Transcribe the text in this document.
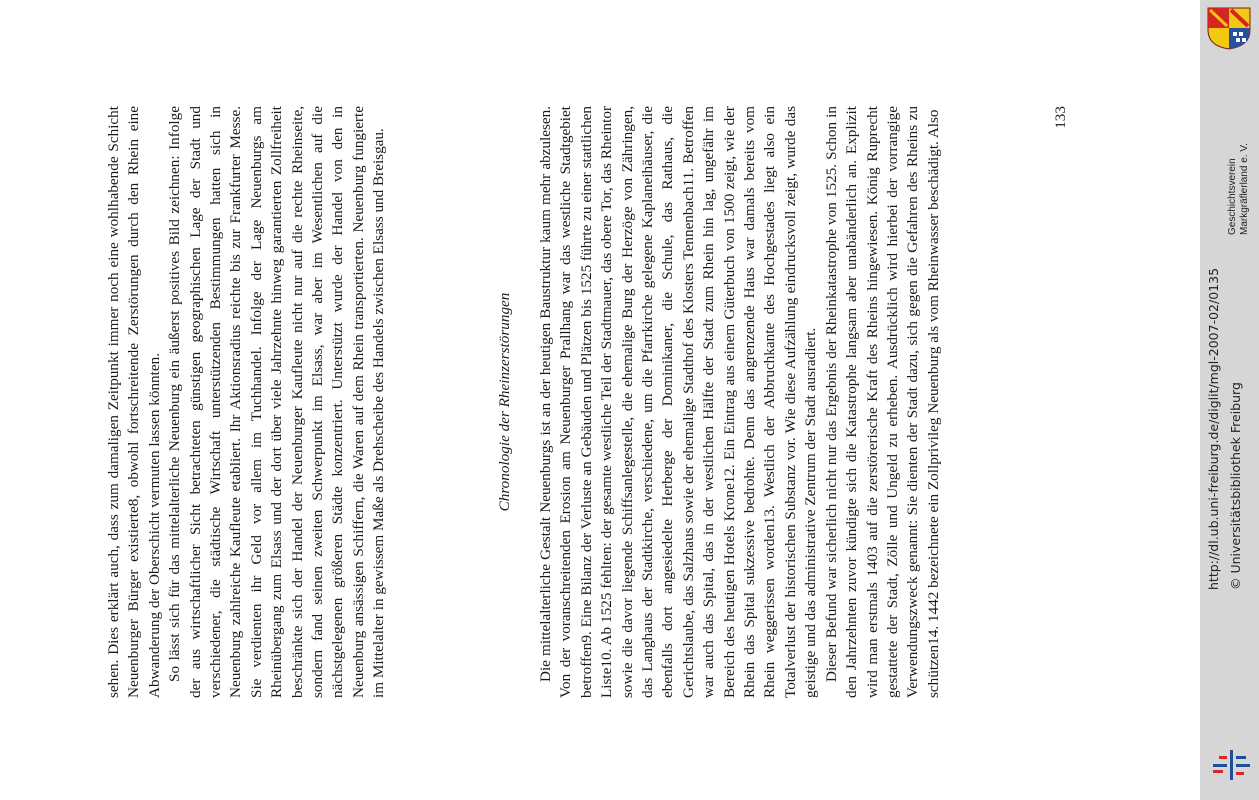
sehen. Dies erklärt auch, dass zum damaligen Zeitpunkt immer noch eine wohlhabende Schicht Neuenburger Bürger existierte8, obwohl fortschreitende Zerstörungen durch den Rhein eine Abwanderung der Oberschicht vermuten lassen könnten. So lässt sich für das mittelalterliche Neuenburg ein äußerst positives Bild zeichnen: Infolge der aus wirtschaftlicher Sicht betrachteten günstigen geographischen Lage der Stadt und verschiedener, die städtische Wirtschaft unterstützenden Bestimmungen hatten sich in Neuenburg zahlreiche Kaufleute etabliert. Ihr Aktionsradius reichte bis zur Frankfurter Messe. Sie verdienten ihr Geld vor allem im Tuchhandel. Infolge der Lage Neuenburgs am Rheinübergang zum Elsass und der dort über viele Jahrzehnte hinweg garantierten Zollfreiheit beschränkte sich der Handel der Neuenburger Kaufleute nicht nur auf die rechte Rheinseite, sondern fand seinen zweiten Schwerpunkt im Elsass, war aber im Wesentlichen auf die nächstgelegenen größeren Städte konzentriert. Unterstützt wurde der Handel von den in Neuenburg ansässigen Schiffern, die Waren auf dem Rhein transportierten. Neuenburg fungierte im Mittelalter in gewissem Maße als Drehscheibe des Handels zwischen Elsass und Breisgau.	Chronologie der Rheinzerstörungen Die mittelalterliche Gestalt Neuenburgs ist an der heutigen Baustruktur kaum mehr abzulesen. Von der voranschreitenden Erosion am Neuenburger Prallhang war das westliche Stadtgebiet betroffen9. Eine Bilanz der Verluste an Gebäuden und Plätzen bis 1525 führte zu einer stattlichen Liste10. Ab 1525 fehlten: der gesamte westliche Teil der Stadtmauer, das obere Tor, das Rheintor sowie die davor liegende Schiffsanlegestelle, die ehemalige Burg der Herzöge von Zähringen, das Langhaus der Stadtkirche, verschiedene, um die Pfarrkirche gelegene Kaplaneihäuser, die ebenfalls dort angesiedelte Herberge der Dominikaner, die Schule, das Rathaus, die Gerichtslaube, das Salzhaus sowie der ehemalige Stadthof des Klosters Tennenbach11. Betroffen war auch das Spital, das in der westlichen Hälfte der Stadt zum Rhein hin lag, ungefähr im Bereich des heutigen Hotels Krone12. Ein Eintrag aus einem Güterbuch von 1500 zeigt, wie der Rhein das Spital sukzessive bedrohte. Denn das angrenzende Haus war damals bereits vom Rhein weggerissen worden13. Westlich der Abbruchkante des Hochgestades liegt also ein Totalverlust der historischen Substanz vor. Wie diese Aufzählung eindrucksvoll zeigt, wurde das geistige und das administrative Zentrum der Stadt ausradiert. Dieser Befund war sicherlich nicht nur das Ergebnis der Rheinkatastrophe von 1525. Schon in den Jahrzehnten zuvor kündigte sich die Katastrophe langsam aber unabänderlich an. Explizit wird man erstmals 1403 auf die zerstörerische Kraft des Rheins hingewiesen. König Ruprecht gestattete der Stadt, Zölle und Ungeld zu erheben. Ausdrücklich wird hierbei der vorrangige Verwendungszweck genannt: Sie dienten der Stadt dazu, sich gegen die Gefahren des Rheins zu schützen14. 1442 bezeichnete ein Zollprivileg Neuenburg als vom Rheinwasser beschädigt. Also	133
http://dl.ub.uni-freiburg.de/diglit/mgl-2007-02/0135 © Universitätsbibliothek Freiburg
Geschichtsverein Markgräflerland e. V.
